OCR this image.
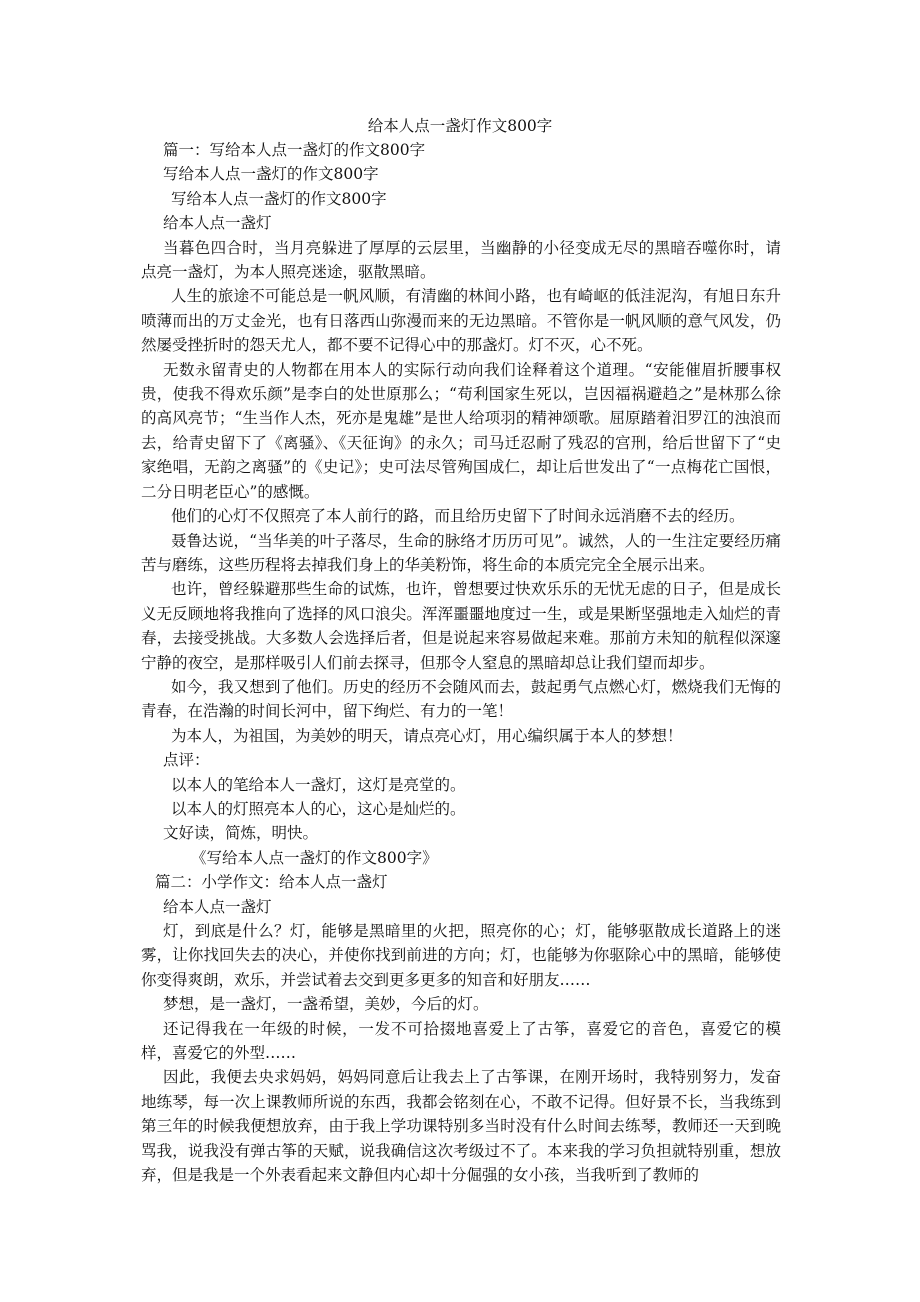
给本人点一盏灯作文800字

篇一：写给本人点一盏灯的作文800字

写给本人点一盏灯的作文800字

写给本人点一盏灯的作文800字

给本人点一盏灯

当暮色四合时，当月亮躲进了厚厚的云层里，当幽静的小径变成无尽的黑暗吞噬你时，请点亮一盏灯，为本人照亮迷途，驱散黑暗。

人生的旅途不可能总是一帆风顺，有清幽的林间小路，也有崎岖的低洼泥沟，有旭日东升喷薄而出的万丈金光，也有日落西山弥漫而来的无边黑暗。不管你是一帆风顺的意气风发，仍然屡受挫折时的怨天尤人，都不要不记得心中的那盏灯。灯不灭，心不死。

无数永留青史的人物都在用本人的实际行动向我们诠释着这个道理。“安能催眉折腰事权贵，使我不得欢乐颜”是李白的处世原那么；“苟利国家生死以，岂因福祸避趋之”是林那么徐的高风亮节；“生当作人杰，死亦是鬼雄”是世人给项羽的精神颂歌。屈原踏着汨罗江的浊浪而去，给青史留下了《离骚》、《天征询》的永久；司马迁忍耐了残忍的宫刑，给后世留下了“史家绝唱，无韵之离骚”的《史记》；史可法尽管殉国成仁，却让后世发出了“一点梅花亡国恨，二分日明老臣心”的感慨。

他们的心灯不仅照亮了本人前行的路，而且给历史留下了时间永远消磨不去的经历。

聂鲁达说，“当华美的叶子落尽，生命的脉络才历历可见”。诚然，人的一生注定要经历痛苦与磨练，这些历程将去掉我们身上的华美粉饰，将生命的本质完完全全展示出来。

也许，曾经躲避那些生命的试炼，也许，曾想要过快欢乐乐的无忧无虑的日子，但是成长义无反顾地将我推向了选择的风口浪尖。浑浑噩噩地度过一生，或是果断坚强地走入灿烂的青春，去接受挑战。大多数人会选择后者，但是说起来容易做起来难。那前方未知的航程似深邃宁静的夜空，是那样吸引人们前去探寻，但那令人窒息的黑暗却总让我们望而却步。

如今，我又想到了他们。历史的经历不会随风而去，鼓起勇气点燃心灯，燃烧我们无悔的青春，在浩瀚的时间长河中，留下绚烂、有力的一笔！

为本人，为祖国，为美妙的明天，请点亮心灯，用心编织属于本人的梦想！

点评：

以本人的笔给本人一盏灯，这灯是亮堂的。

以本人的灯照亮本人的心，这心是灿烂的。

文好读，简炼，明快。

《写给本人点一盏灯的作文800字》

篇二：小学作文：给本人点一盏灯

给本人点一盏灯

灯，到底是什么？灯，能够是黑暗里的火把，照亮你的心；灯，能够驱散成长道路上的迷雾，让你找回失去的决心，并使你找到前进的方向；灯，也能够为你驱除心中的黑暗，能够使你变得爽朗，欢乐，并尝试着去交到更多更多的知音和好朋友……

梦想，是一盏灯，一盏希望，美妙，今后的灯。

还记得我在一年级的时候，一发不可拾掇地喜爱上了古筝，喜爱它的音色，喜爱它的模样，喜爱它的外型……

因此，我便去央求妈妈，妈妈同意后让我去上了古筝课，在刚开场时，我特别努力，发奋地练琴，每一次上课教师所说的东西，我都会铭刻在心，不敢不记得。但好景不长，当我练到第三年的时候我便想放弃，由于我上学功课特别多当时没有什么时间去练琴，教师还一天到晚骂我，说我没有弹古筝的天赋，说我确信这次考级过不了。本来我的学习负担就特别重，想放弃，但是我是一个外表看起来文静但内心却十分倔强的女小孩，当我听到了教师的
